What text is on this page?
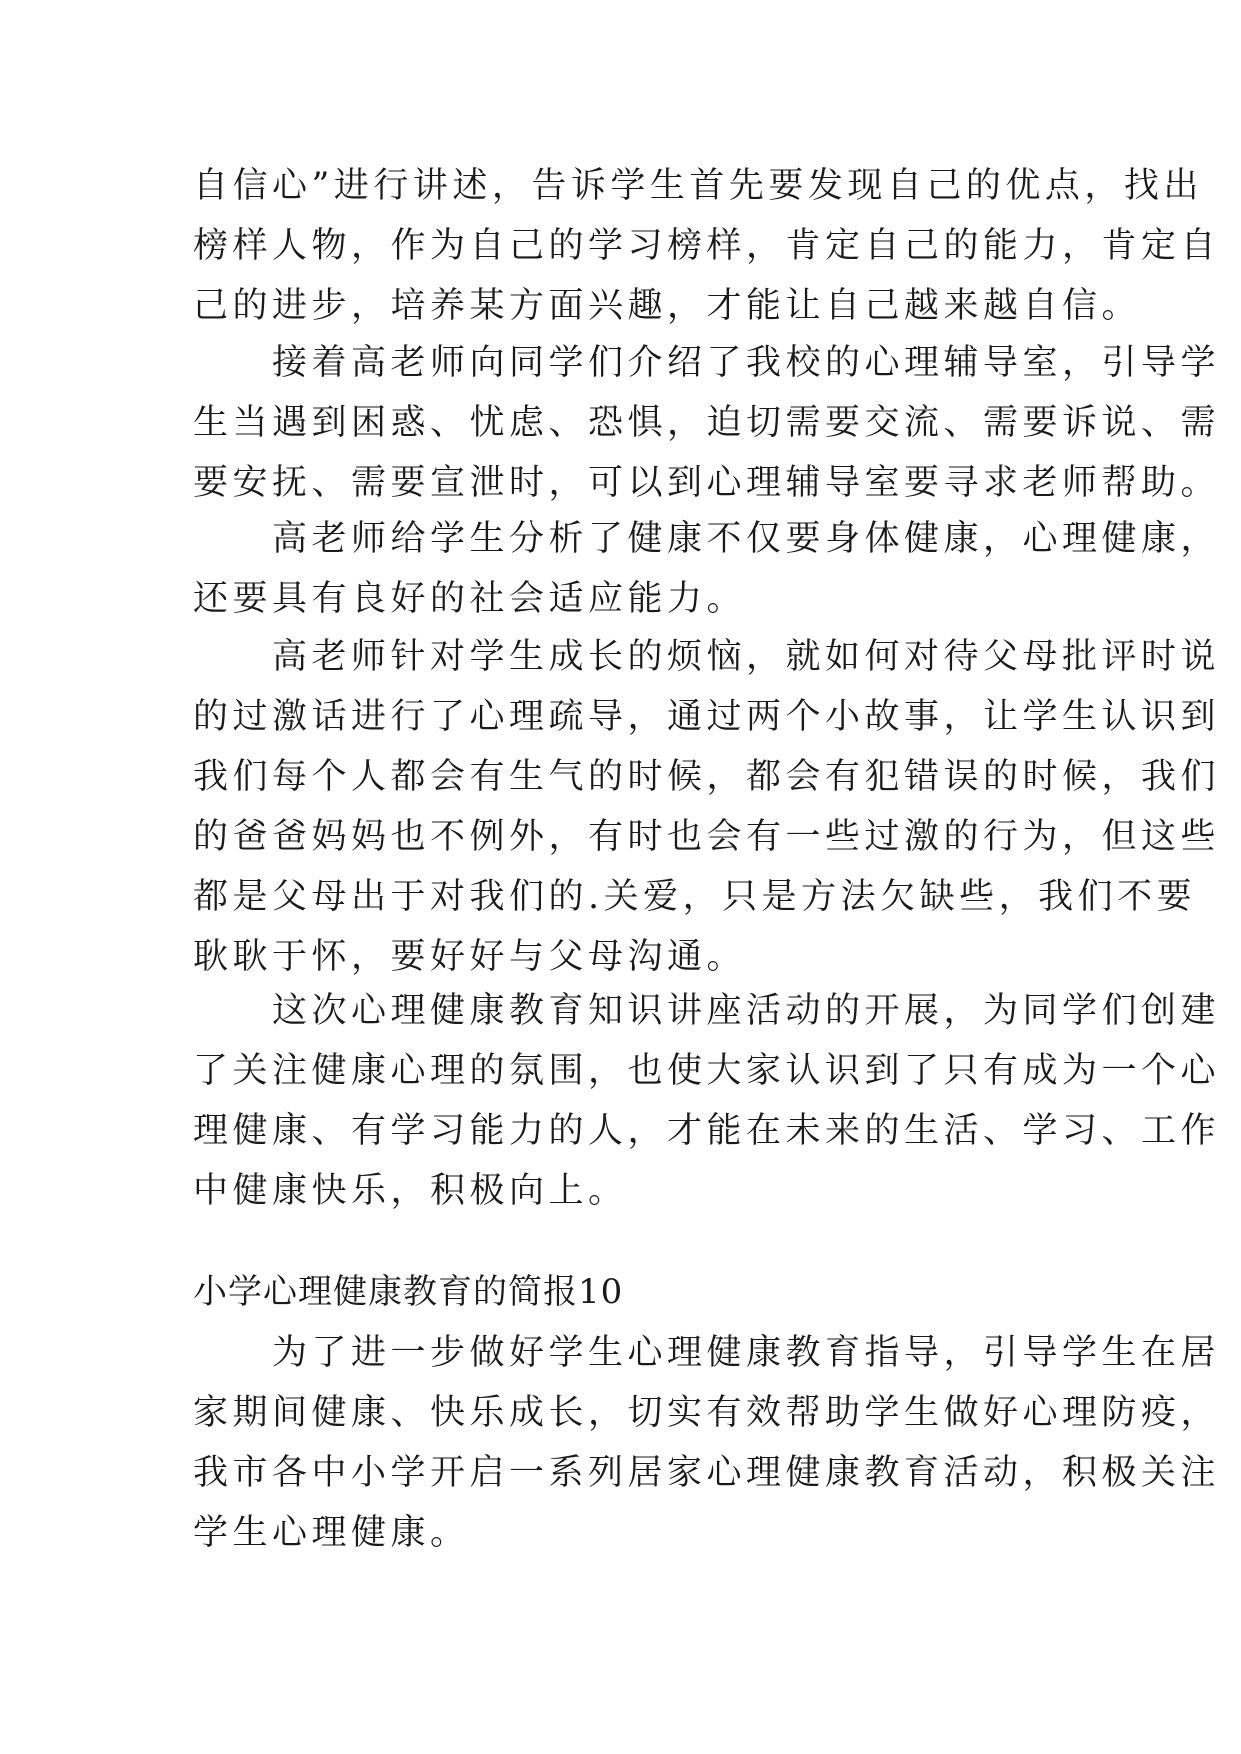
自信心”进行讲述，告诉学生首先要发现自己的优点，找出
榜样人物，作为自己的学习榜样，肯定自己的能力，肯定自
己的进步，培养某方面兴趣，才能让自己越来越自信。
　　接着高老师向同学们介绍了我校的心理辅导室，引导学
生当遇到困惑、忧虑、恐惧，迫切需要交流、需要诉说、需
要安抚、需要宣泄时，可以到心理辅导室要寻求老师帮助。
　　高老师给学生分析了健康不仅要身体健康，心理健康，
还要具有良好的社会适应能力。
　　高老师针对学生成长的烦恼，就如何对待父母批评时说
的过激话进行了心理疏导，通过两个小故事，让学生认识到
我们每个人都会有生气的时候，都会有犯错误的时候，我们
的爸爸妈妈也不例外，有时也会有一些过激的行为，但这些
都是父母出于对我们的.关爱，只是方法欠缺些，我们不要
耿耿于怀，要好好与父母沟通。
　　这次心理健康教育知识讲座活动的开展，为同学们创建
了关注健康心理的氛围，也使大家认识到了只有成为一个心
理健康、有学习能力的人，才能在未来的生活、学习、工作
中健康快乐，积极向上。
小学心理健康教育的简报10
　　为了进一步做好学生心理健康教育指导，引导学生在居
家期间健康、快乐成长，切实有效帮助学生做好心理防疫，
我市各中小学开启一系列居家心理健康教育活动，积极关注
学生心理健康。
